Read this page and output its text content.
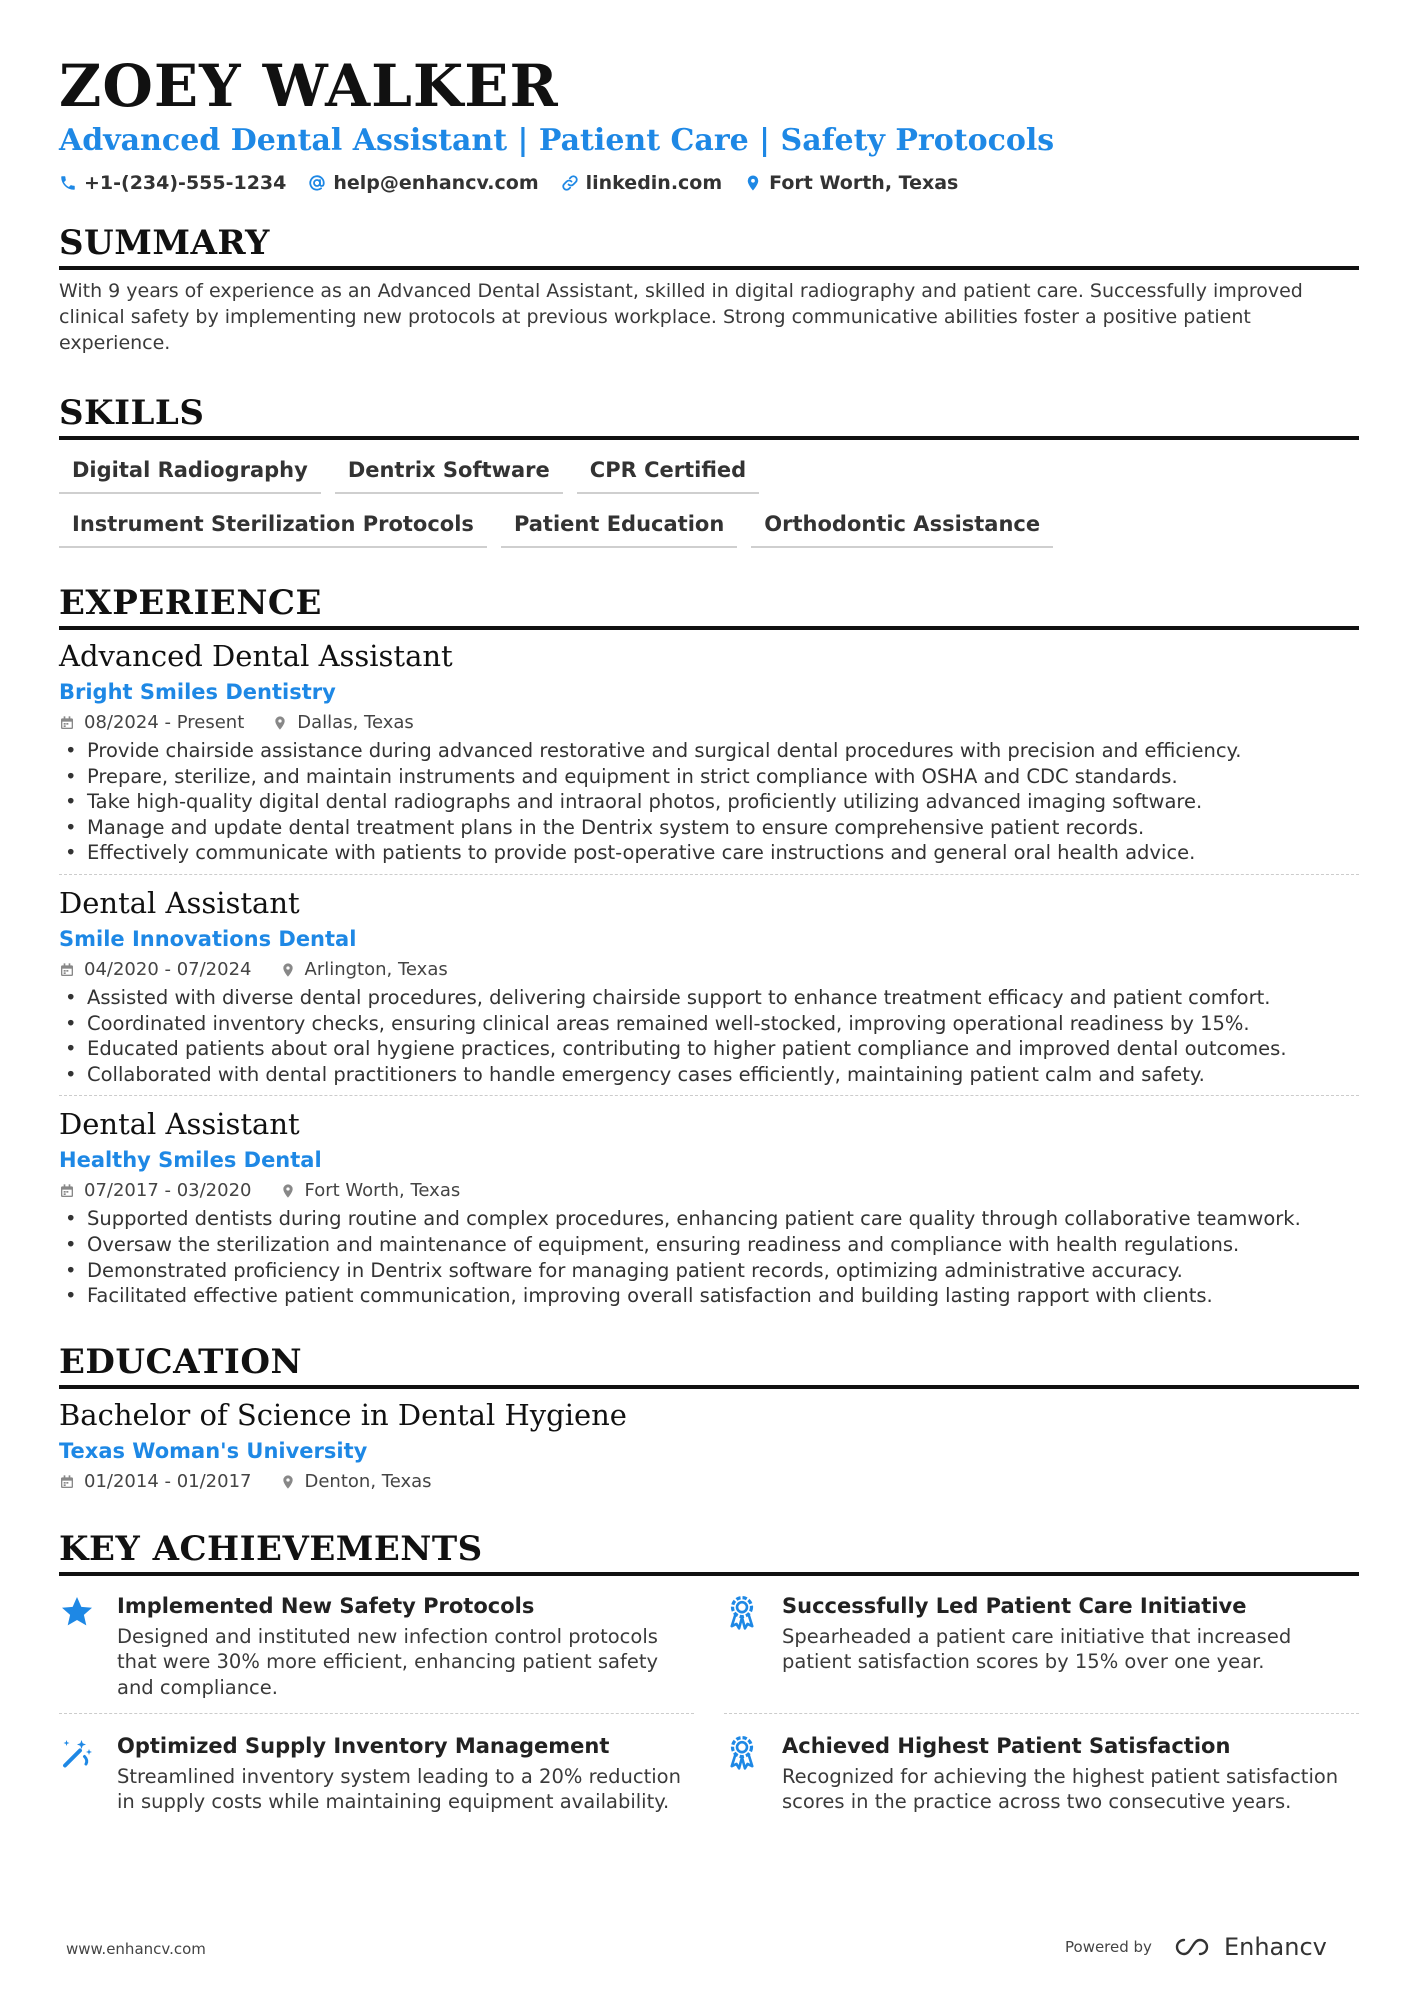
ZOEY WALKER
Advanced Dental Assistant | Patient Care | Safety Protocols
+1-(234)-555-1234 help@enhancv.com linkedin.com Fort Worth, Texas
SUMMARY
With 9 years of experience as an Advanced Dental Assistant, skilled in digital radiography and patient care. Successfully improved clinical safety by implementing new protocols at previous workplace. Strong communicative abilities foster a positive patient experience.
SKILLS
Digital Radiography	Dentrix Software	CPR Certified
Instrument Sterilization Protocols	Patient Education	Orthodontic Assistance
EXPERIENCE
Advanced Dental Assistant
Bright Smiles Dentistry
08/2024 - Present	Dallas, Texas
• Provide chairside assistance during advanced restorative and surgical dental procedures with precision and efficiency.
• Prepare, sterilize, and maintain instruments and equipment in strict compliance with OSHA and CDC standards.
• Take high-quality digital dental radiographs and intraoral photos, proficiently utilizing advanced imaging software.
• Manage and update dental treatment plans in the Dentrix system to ensure comprehensive patient records.
• Effectively communicate with patients to provide post-operative care instructions and general oral health advice.
Dental Assistant
Smile Innovations Dental
04/2020 - 07/2024	Arlington, Texas
• Assisted with diverse dental procedures, delivering chairside support to enhance treatment efficacy and patient comfort.
• Coordinated inventory checks, ensuring clinical areas remained well-stocked, improving operational readiness by 15%.
• Educated patients about oral hygiene practices, contributing to higher patient compliance and improved dental outcomes.
• Collaborated with dental practitioners to handle emergency cases efficiently, maintaining patient calm and safety.
Dental Assistant
Healthy Smiles Dental
07/2017 - 03/2020	Fort Worth, Texas
• Supported dentists during routine and complex procedures, enhancing patient care quality through collaborative teamwork.
• Oversaw the sterilization and maintenance of equipment, ensuring readiness and compliance with health regulations.
• Demonstrated proficiency in Dentrix software for managing patient records, optimizing administrative accuracy.
• Facilitated effective patient communication, improving overall satisfaction and building lasting rapport with clients.
EDUCATION
Bachelor of Science in Dental Hygiene
Texas Woman's University
01/2014 - 01/2017	Denton, Texas
KEY ACHIEVEMENTS
Implemented New Safety Protocols
Designed and instituted new infection control protocols that were 30% more efficient, enhancing patient safety and compliance.
Successfully Led Patient Care Initiative
Spearheaded a patient care initiative that increased patient satisfaction scores by 15% over one year.
Optimized Supply Inventory Management
Streamlined inventory system leading to a 20% reduction in supply costs while maintaining equipment availability.
Achieved Highest Patient Satisfaction
Recognized for achieving the highest patient satisfaction scores in the practice across two consecutive years.
www.enhancv.com	Powered by	Enhancv
